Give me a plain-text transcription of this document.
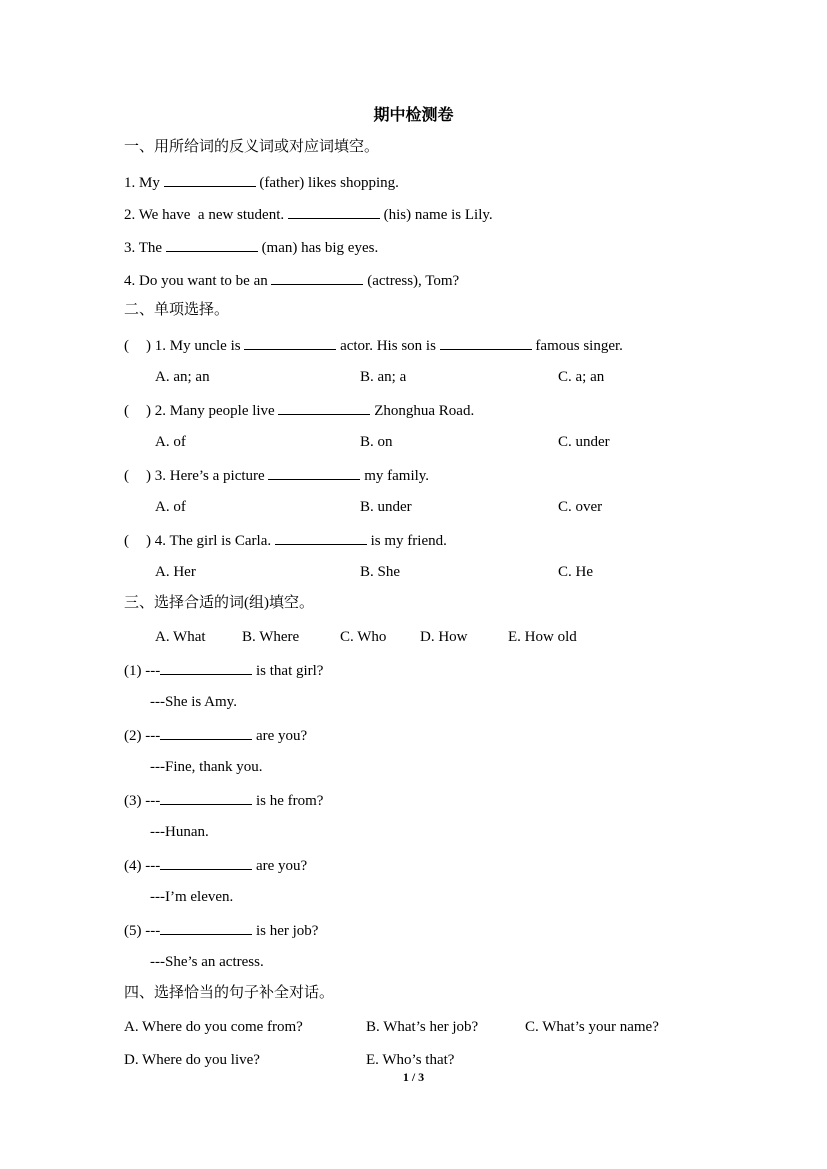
期中检测卷
一、用所给词的反义词或对应词填空。
1. My	(father) likes shopping.
2. We have  a new student.	(his) name is Lily.
3. The	(man) has big eyes.
4. Do you want to be an	(actress), Tom?
二、单项选择。
( ) 1. My uncle is	actor. His son is	famous singer.
A. an; an	B. an; a	C. a; an
( ) 2. Many people live	Zhonghua Road.
A. of	B. on	C. under
( ) 3. Here’s a picture	my family.
A. of	B. under	C. over
( ) 4. The girl is Carla.	is my friend.
A. Her	B. She	C. He
三、选择合适的词(组)填空。
A. What B. Where	C. Who D. How	E. How old
(1) ---	is that girl?
---She is Amy.
(2) ---	are you?
---Fine, thank you.
(3) ---	is he from?
---Hunan.
(4) ---	are you?
---I’m eleven.
(5) ---	is her job?
---She’s an actress.
四、选择恰当的句子补全对话。
A. Where do you come from?	B. What’s her job?	C. What’s your name?
D. Where do you live?	E. Who’s that?
1 / 3
